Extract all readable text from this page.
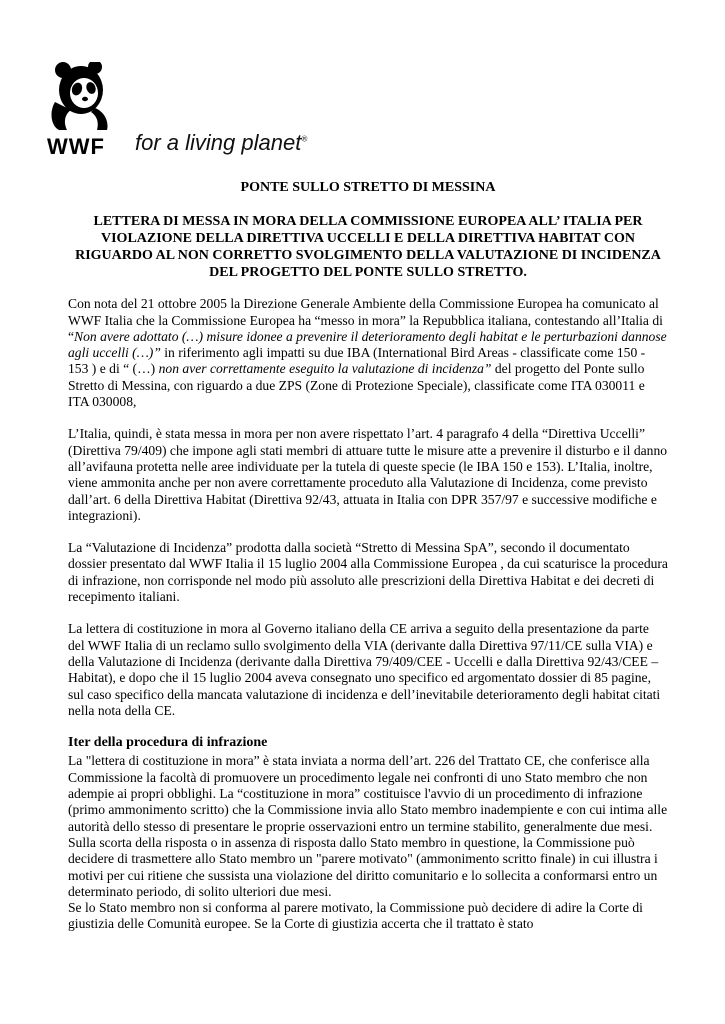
WWF for a living planet®
PONTE SULLO STRETTO DI MESSINA
LETTERA DI MESSA IN MORA DELLA COMMISSIONE EUROPEA ALL’ ITALIA PER VIOLAZIONE DELLA DIRETTIVA UCCELLI E DELLA DIRETTIVA HABITAT CON RIGUARDO AL NON CORRETTO SVOLGIMENTO DELLA VALUTAZIONE DI INCIDENZA DEL PROGETTO DEL PONTE SULLO STRETTO.

Con nota del 21 ottobre 2005 la Direzione Generale Ambiente della Commissione Europea ha comunicato al WWF Italia che la Commissione Europea ha “messo in mora” la Repubblica italiana, contestando all’Italia di “Non avere adottato (…) misure idonee a prevenire il deterioramento degli habitat e le perturbazioni dannose agli uccelli (…)” in riferimento agli impatti su due IBA (International Bird Areas - classificate come 150 - 153 ) e di “ (…) non aver correttamente eseguito la valutazione di incidenza” del progetto del Ponte sullo Stretto di Messina, con riguardo a due ZPS (Zone di Protezione Speciale), classificate come ITA 030011 e ITA 030008,

L’Italia, quindi, è stata messa in mora per non avere rispettato l’art. 4 paragrafo 4 della “Direttiva Uccelli” (Direttiva 79/409) che impone agli stati membri di attuare tutte le misure atte a prevenire il disturbo e il danno all’avifauna protetta nelle aree individuate per la tutela di queste specie (le IBA 150 e 153). L’Italia, inoltre, viene ammonita anche per non avere correttamente proceduto alla Valutazione di Incidenza, come previsto dall’art. 6 della Direttiva Habitat (Direttiva 92/43, attuata in Italia con DPR 357/97 e successive modifiche e integrazioni).

La “Valutazione di Incidenza” prodotta dalla società “Stretto di Messina SpA”, secondo il documentato dossier presentato dal WWF Italia il 15 luglio 2004 alla Commissione Europea , da cui scaturisce la procedura di infrazione, non corrisponde nel modo più assoluto alle prescrizioni della Direttiva Habitat e dei decreti di recepimento italiani.

La lettera di costituzione in mora al Governo italiano della CE arriva a seguito della presentazione da parte del WWF Italia di un reclamo sullo svolgimento della VIA (derivante dalla Direttiva 97/11/CE sulla VIA) e della Valutazione di Incidenza (derivante dalla Direttiva 79/409/CEE - Uccelli e dalla Direttiva 92/43/CEE – Habitat), e dopo che il 15 luglio 2004 aveva consegnato uno specifico ed argomentato dossier di 85 pagine, sul caso specifico della mancata valutazione di incidenza e dell’inevitabile deterioramento degli habitat citati nella nota della CE.

Iter della procedura di infrazione

La "lettera di costituzione in mora” è stata inviata a norma dell’art. 226 del Trattato CE, che conferisce alla Commissione la facoltà di promuovere un procedimento legale nei confronti di uno Stato membro che non adempie ai propri obblighi. La “costituzione in mora” costituisce l'avvio di un procedimento di infrazione (primo ammonimento scritto) che la Commissione invia allo Stato membro inadempiente e con cui intima alle autorità dello stesso di presentare le proprie osservazioni entro un termine stabilito, generalmente due mesi.

Sulla scorta della risposta o in assenza di risposta dallo Stato membro in questione, la Commissione può decidere di trasmettere allo Stato membro un "parere motivato" (ammonimento scritto finale) in cui illustra i motivi per cui ritiene che sussista una violazione del diritto comunitario e lo sollecita a conformarsi entro un determinato periodo, di solito ulteriori due mesi.

Se lo Stato membro non si conforma al parere motivato, la Commissione può decidere di adire la Corte di giustizia delle Comunità europee. Se la Corte di giustizia accerta che il trattato è stato
